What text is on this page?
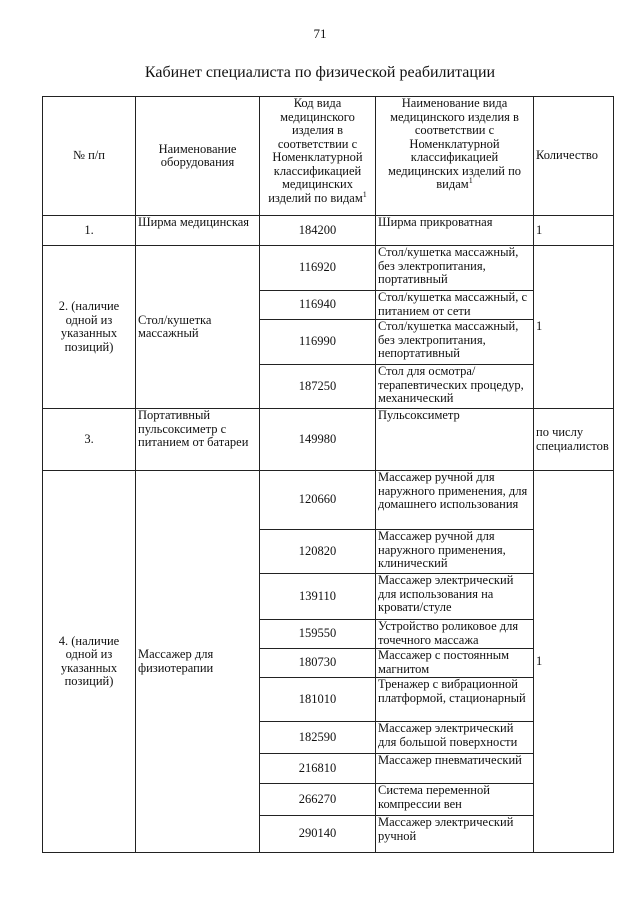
71
Кабинет специалиста по физической реабилитации
№ п/п	Наименование оборудования	Код вида медицинского изделия в соответствии с Номенклатурной классификацией медицинских изделий по видам$^1$	Наименование вида медицинского изделия в соответствии с Номенклатурной классификацией медицинских изделий по видам$^1$	Количество
1.	Ширма медицинская	184200	Ширма прикроватная	1
2. (наличие одной из указанных позиций)	Стол/кушетка массажный	116920	Стол/кушетка массажный, без электропитания, портативный	1
		116940	Стол/кушетка массажный, с питанием от сети	
		116990	Стол/кушетка массажный, без электропитания, непортативный	
		187250	Стол для осмотра/ терапевтических процедур, механический	
3.	Портативный пульсоксиметр с питанием от батареи	149980	Пульсоксиметр	по числу специалистов
4. (наличие одной из указанных позиций)	Массажер для физиотерапии	120660	Массажер ручной для наружного применения, для домашнего использования	1
		120820	Массажер ручной для наружного применения, клинический	
		139110	Массажер электрический для использования на кровати/стуле	
		159550	Устройство роликовое для точечного массажа	
		180730	Массажер с постоянным магнитом	
		181010	Тренажер с вибрационной платформой, стационарный	
		182590	Массажер электрический для большой поверхности	
		216810	Массажер пневматический	
		266270	Система переменной компрессии вен	
		290140	Массажер электрический ручной	
